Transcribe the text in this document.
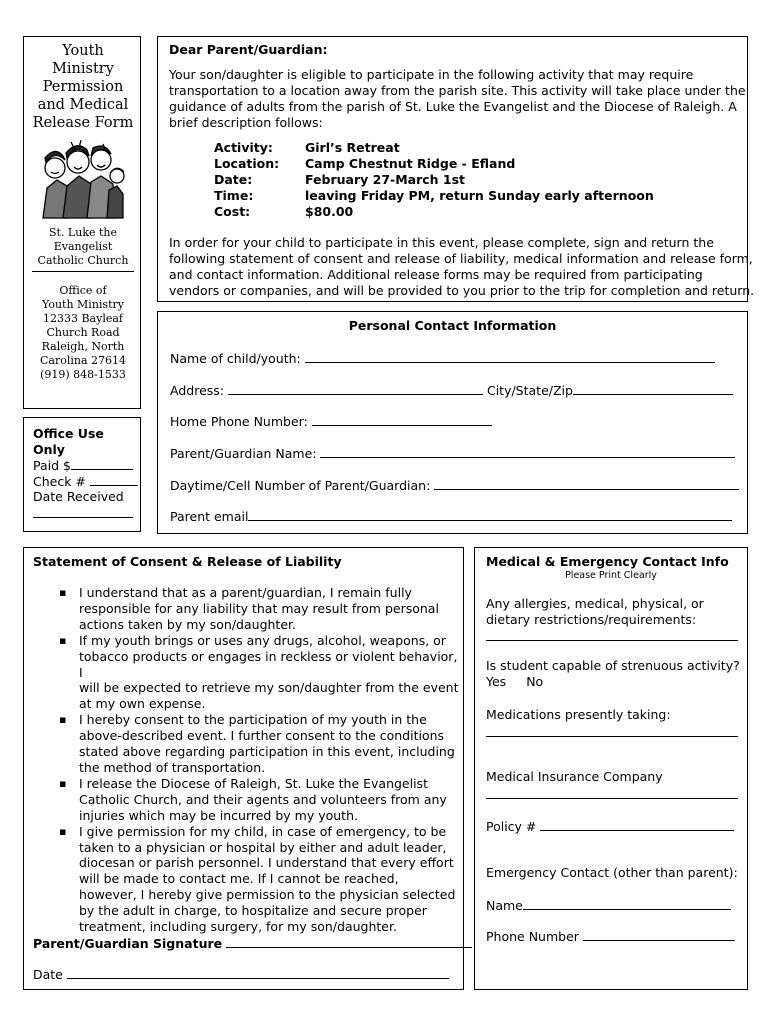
Youth
Ministry
Permission
and Medical
Release Form
St. Luke the
Evangelist
Catholic Church
Office of
Youth Ministry
12333 Bayleaf
Church Road
Raleigh, North
Carolina 27614
(919) 848-1533
Office Use Only
Paid $
Check #
Date Received
Dear Parent/Guardian:
Your son/daughter is eligible to participate in the following activity that may require
transportation to a location away from the parish site. This activity will take place under the
guidance of adults from the parish of St. Luke the Evangelist and the Diocese of Raleigh. A
brief description follows:
Activity:	Girl’s Retreat
Location: Camp Chestnut Ridge - Efland
Date:	February 27-March 1st
Time:	leaving Friday PM, return Sunday early afternoon
Cost:	$80.00
In order for your child to participate in this event, please complete, sign and return the
following statement of consent and release of liability, medical information and release form,
and contact information. Additional release forms may be required from participating
vendors or companies, and will be provided to you prior to the trip for completion and return.
Personal Contact Information
Name of child/youth:
Address:	City/State/Zip
Home Phone Number:
Parent/Guardian Name:
Daytime/Cell Number of Parent/Guardian:
Parent email
Statement of Consent & Release of Liability
▪ I understand that as a parent/guardian, I remain fully
responsible for any liability that may result from personal
actions taken by my son/daughter.
▪ If my youth brings or uses any drugs, alcohol, weapons, or
tobacco products or engages in reckless or violent behavior, I
will be expected to retrieve my son/daughter from the event
at my own expense.
▪ I hereby consent to the participation of my youth in the
above-described event. I further consent to the conditions
stated above regarding participation in this event, including
the method of transportation.
▪ I release the Diocese of Raleigh, St. Luke the Evangelist
Catholic Church, and their agents and volunteers from any
injuries which may be incurred by my youth.
▪ I give permission for my child, in case of emergency, to be
taken to a physician or hospital by either and adult leader,
diocesan or parish personnel. I understand that every effort
will be made to contact me. If I cannot be reached,
however, I hereby give permission to the physician selected
by the adult in charge, to hospitalize and secure proper
treatment, including surgery, for my son/daughter.
Parent/Guardian Signature
Date
Medical & Emergency Contact Info
Please Print Clearly
Any allergies, medical, physical, or
dietary restrictions/requirements:
Is student capable of strenuous activity?
Yes No
Medications presently taking:
Medical Insurance Company
Policy #
Emergency Contact (other than parent):
Name
Phone Number
